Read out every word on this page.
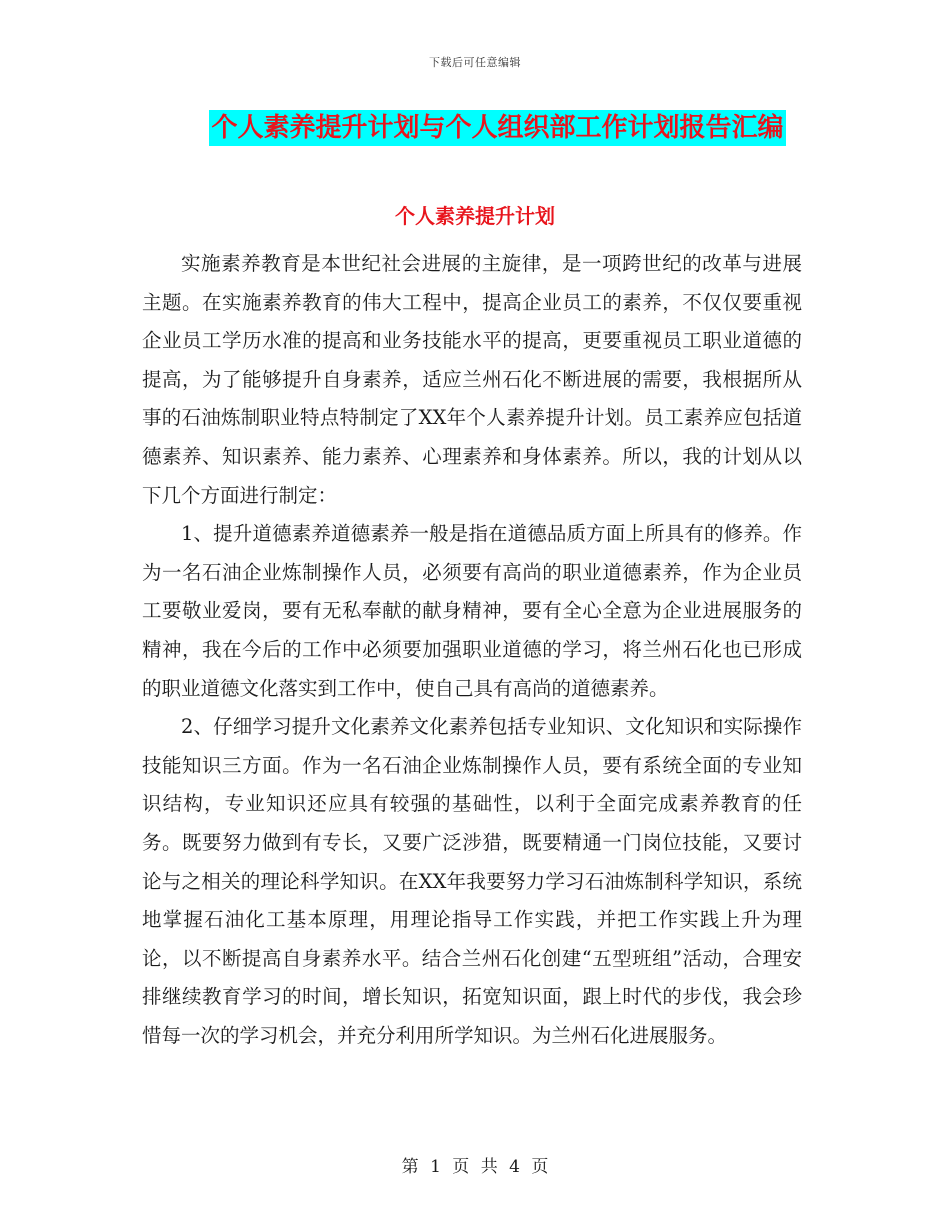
下载后可任意编辑
个人素养提升计划与个人组织部工作计划报告汇编
个人素养提升计划

实施素养教育是本世纪社会进展的主旋律，是一项跨世纪的改革与进展主题。在实施素养教育的伟大工程中，提高企业员工的素养，不仅仅要重视企业员工学历水准的提高和业务技能水平的提高，更要重视员工职业道德的提高，为了能够提升自身素养，适应兰州石化不断进展的需要，我根据所从事的石油炼制职业特点特制定了XX年个人素养提升计划。员工素养应包括道德素养、知识素养、能力素养、心理素养和身体素养。所以，我的计划从以下几个方面进行制定：

1、提升道德素养道德素养一般是指在道德品质方面上所具有的修养。作为一名石油企业炼制操作人员，必须要有高尚的职业道德素养，作为企业员工要敬业爱岗，要有无私奉献的献身精神，要有全心全意为企业进展服务的精神，我在今后的工作中必须要加强职业道德的学习，将兰州石化也已形成的职业道德文化落实到工作中，使自己具有高尚的道德素养。

2、仔细学习提升文化素养文化素养包括专业知识、文化知识和实际操作技能知识三方面。作为一名石油企业炼制操作人员，要有系统全面的专业知识结构，专业知识还应具有较强的基础性，以利于全面完成素养教育的任务。既要努力做到有专长，又要广泛涉猎，既要精通一门岗位技能，又要讨论与之相关的理论科学知识。在XX年我要努力学习石油炼制科学知识，系统地掌握石油化工基本原理，用理论指导工作实践，并把工作实践上升为理论，以不断提高自身素养水平。结合兰州石化创建“五型班组”活动，合理安排继续教育学习的时间，增长知识，拓宽知识面，跟上时代的步伐，我会珍惜每一次的学习机会，并充分利用所学知识。为兰州石化进展服务。

第 1 页 共 4 页
